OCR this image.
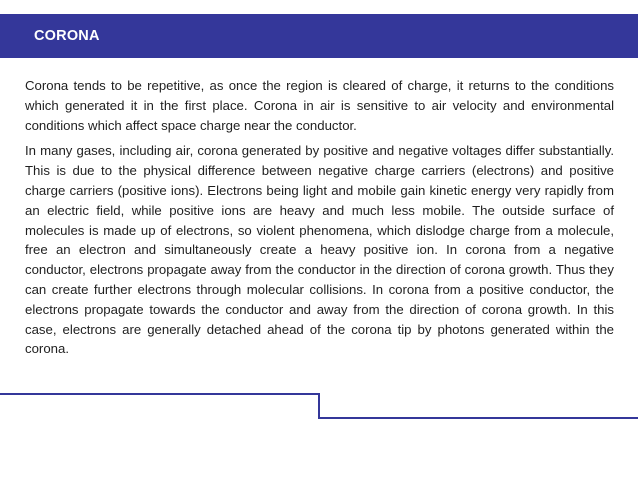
CORONA

Corona tends to be repetitive, as once the region is cleared of charge, it returns to the conditions which generated it in the first place. Corona in air is sensitive to air velocity and environmental conditions which affect space charge near the conductor.

In many gases, including air, corona generated by positive and negative voltages differ substantially. This is due to the physical difference between negative charge carriers (electrons) and positive charge carriers (positive ions). Electrons being light and mobile gain kinetic energy very rapidly from an electric field, while positive ions are heavy and much less mobile. The outside surface of molecules is made up of electrons, so violent phenomena, which dislodge charge from a molecule, free an electron and simultaneously create a heavy positive ion. In corona from a negative conductor, electrons propagate away from the conductor in the direction of corona growth. Thus they can create further electrons through molecular collisions. In corona from a positive conductor, the electrons propagate towards the conductor and away from the direction of corona growth. In this case, electrons are generally detached ahead of the corona tip by photons generated within the corona.
